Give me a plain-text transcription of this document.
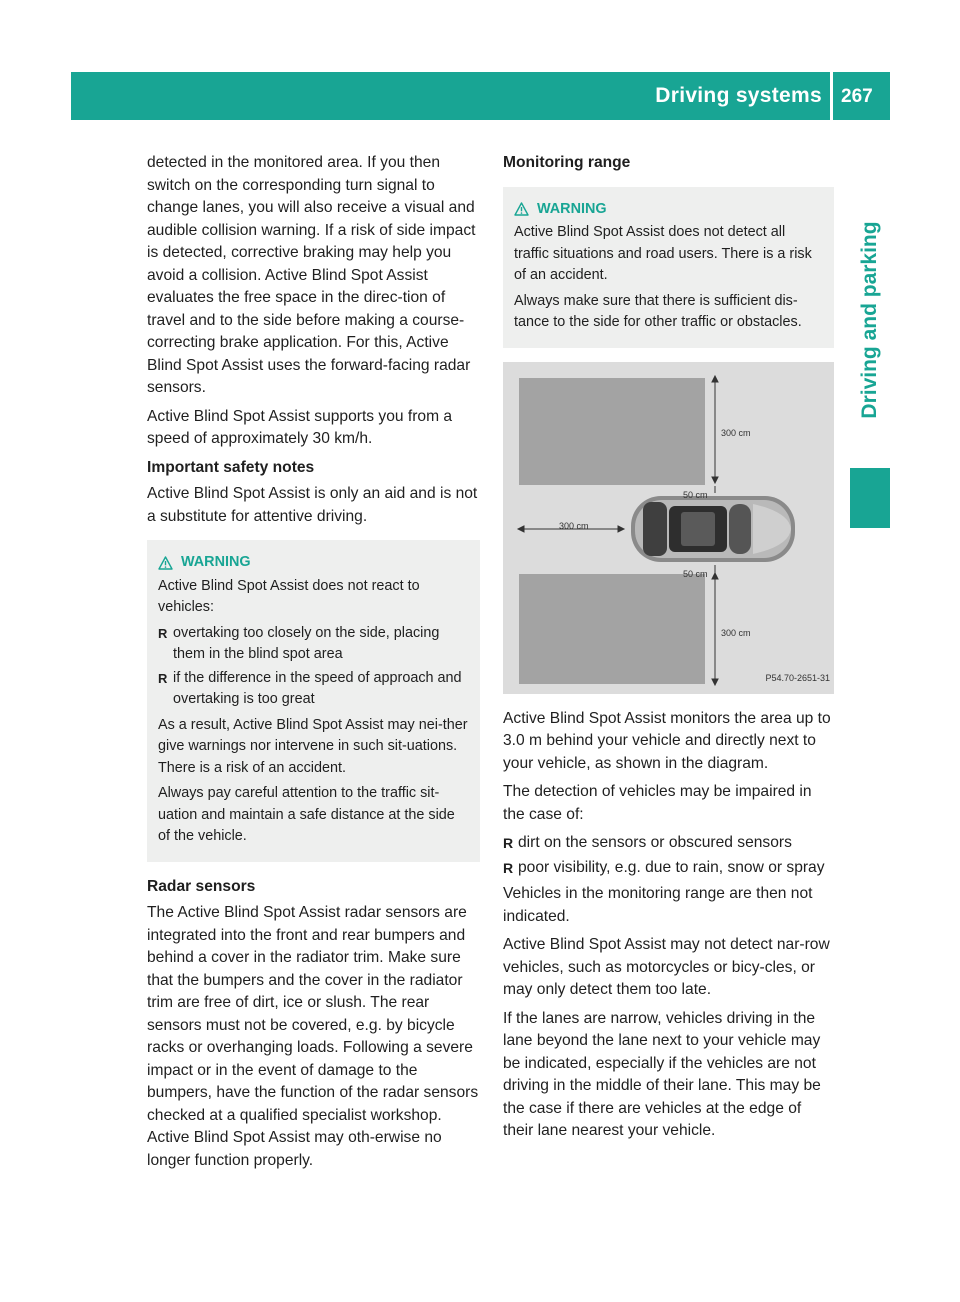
Driving systems 267
Driving and parking

detected in the monitored area. If you then switch on the corresponding turn signal to change lanes, you will also receive a visual and audible collision warning. If a risk of side impact is detected, corrective braking may help you avoid a collision. Active Blind Spot Assist evaluates the free space in the direc-tion of travel and to the side before making a course-correcting brake application. For this, Active Blind Spot Assist uses the forward-facing radar sensors.

Active Blind Spot Assist supports you from a speed of approximately 30 km/h.

Important safety notes

Active Blind Spot Assist is only an aid and is not a substitute for attentive driving.

WARNING

Active Blind Spot Assist does not react to vehicles:

R overtaking too closely on the side, placing them in the blind spot area
R if the difference in the speed of approach and overtaking is too great

As a result, Active Blind Spot Assist may nei-ther give warnings nor intervene in such sit-uations. There is a risk of an accident.

Always pay careful attention to the traffic sit-uation and maintain a safe distance at the side of the vehicle.

Radar sensors

The Active Blind Spot Assist radar sensors are integrated into the front and rear bumpers and behind a cover in the radiator trim. Make sure that the bumpers and the cover in the radiator trim are free of dirt, ice or slush. The rear sensors must not be covered, e.g. by bicycle racks or overhanging loads. Following a severe impact or in the event of damage to the bumpers, have the function of the radar sensors checked at a qualified specialist workshop. Active Blind Spot Assist may oth-erwise no longer function properly.

Monitoring range
WARNING

Active Blind Spot Assist does not detect all traffic situations and road users. There is a risk of an accident.

Always make sure that there is sufficient dis-tance to the side for other traffic or obstacles.

300 cm
50 cm
300 cm
50 cm
300 cm
P54.70-2651-31

Active Blind Spot Assist monitors the area up to 3.0 m behind your vehicle and directly next to your vehicle, as shown in the diagram.

The detection of vehicles may be impaired in the case of:

R dirt on the sensors or obscured sensors
R poor visibility, e.g. due to rain, snow or spray

Vehicles in the monitoring range are then not indicated.

Active Blind Spot Assist may not detect nar-row vehicles, such as motorcycles or bicy-cles, or may only detect them too late.

If the lanes are narrow, vehicles driving in the lane beyond the lane next to your vehicle may be indicated, especially if the vehicles are not driving in the middle of their lane. This may be the case if there are vehicles at the edge of their lane nearest your vehicle.
